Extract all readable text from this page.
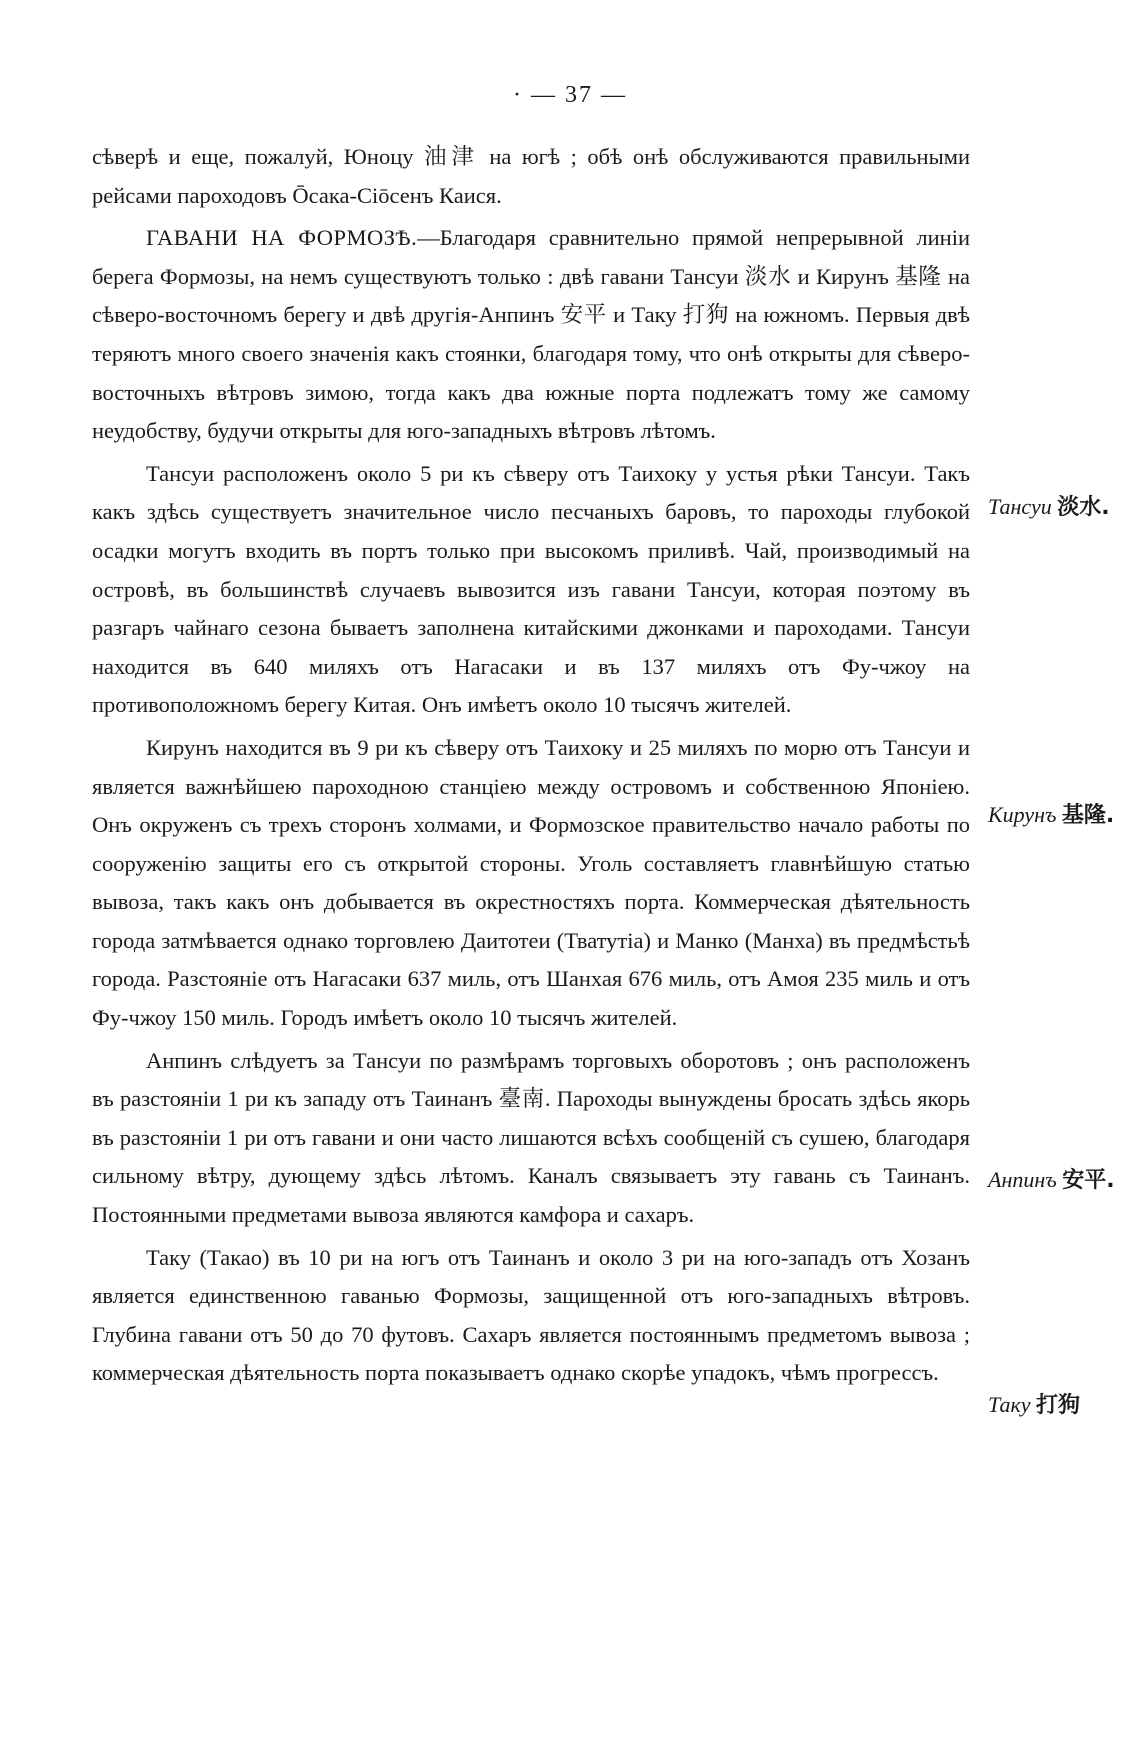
· — 37 —

сѣверѣ и еще, пожалуй, Юноцу 油津 на югѣ ; обѣ онѣ обслуживаются правильными рейсами пароходовъ Ōсака-Сiōсенъ Каися.

ГАВАНИ НА ФОРМОЗѢ.—Благодаря сравнительно прямой непрерывной линiи берега Формозы, на немъ существуютъ только : двѣ гавани Тансуи 淡水 и Кирунъ 基隆 на сѣверо-восточномъ берегу и двѣ другiя-Анпинъ 安平 и Таку 打狗 на южномъ. Первыя двѣ теряютъ много своего значенiя какъ стоянки, благодаря тому, что онѣ открыты для сѣверо-восточныхъ вѣтровъ зимою, тогда какъ два южные порта подлежатъ тому же самому неудобству, будучи открыты для юго-западныхъ вѣтровъ лѣтомъ.

Тансуи расположенъ около 5 ри къ сѣверу отъ Таихоку у устья рѣки Тансуи. Такъ какъ здѣсь существуетъ значительное число песчаныхъ баровъ, то пароходы глубокой осадки могутъ входить въ портъ только при высокомъ приливѣ. Чай, производимый на островѣ, въ большинствѣ случаевъ вывозится изъ гавани Тансуи, которая поэтому въ разгаръ чайнаго сезона бываетъ заполнена китайскими джонками и пароходами. Тансуи находится въ 640 миляхъ отъ Нагасаки и въ 137 миляхъ отъ Фу-чжоу на противоположномъ берегу Китая. Онъ имѣетъ около 10 тысячъ жителей.

Кирунъ находится въ 9 ри къ сѣверу отъ Таихоку и 25 миляхъ по морю отъ Тансуи и является важнѣйшею пароходною станцiею между островомъ и собственною Японiею. Онъ окруженъ съ трехъ сторонъ холмами, и Формозское правительство начало работы по сооруженiю защиты его съ открытой стороны. Уголь составляетъ главнѣйшую статью вывоза, такъ какъ онъ добывается въ окрестностяхъ порта. Коммерческая дѣятельность города затмѣвается однако торговлею Даитотеи (Тватутiа) и Манко (Манха) въ предмѣстьѣ города. Разстоянiе отъ Нагасаки 637 миль, отъ Шанхая 676 миль, отъ Амоя 235 миль и отъ Фу-чжоу 150 миль. Городъ имѣетъ около 10 тысячъ жителей.

Анпинъ слѣдуетъ за Тансуи по размѣрамъ торговыхъ оборотовъ ; онъ расположенъ въ разстоянiи 1 ри къ западу отъ Таинанъ 臺南. Пароходы вынуждены бросать здѣсь якорь въ разстоянiи 1 ри отъ гавани и они часто лишаются всѣхъ сообщенiй съ сушею, благодаря сильному вѣтру, дующему здѣсь лѣтомъ. Каналъ связываетъ эту гавань съ Таинанъ. Постоянными предметами вывоза являются камфора и сахаръ.

Таку (Такао) въ 10 ри на югъ отъ Таинанъ и около 3 ри на юго-западъ отъ Хозанъ является единственною гаванью Формозы, защищенной отъ юго-западныхъ вѣтровъ. Глубина гавани отъ 50 до 70 футовъ. Сахаръ является постояннымъ предметомъ вывоза ; коммерческая дѣятельность порта показываетъ однако скорѣе упадокъ, чѣмъ прогрессъ.

Тансуи 淡水.
Кирунъ 基隆.
Анпинъ 安平.
Таку 打狗
